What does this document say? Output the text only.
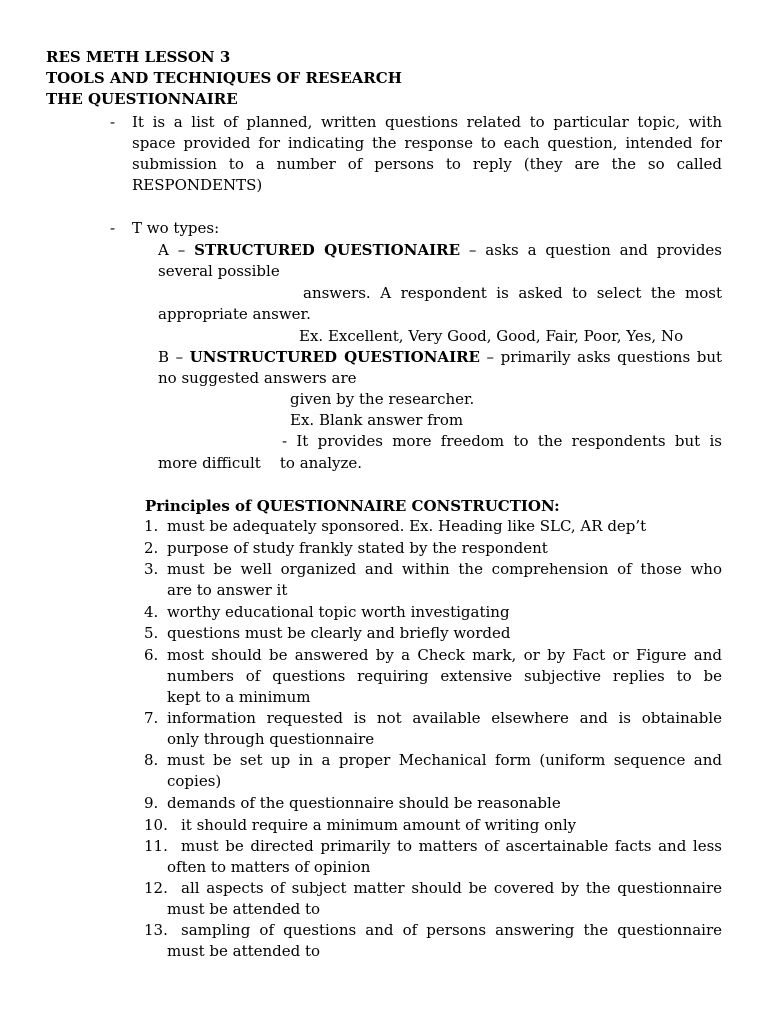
RES METH LESSON 3
TOOLS AND TECHNIQUES OF RESEARCH
THE QUESTIONNAIRE
- It is a list of planned, written questions related to particular topic, with
space provided for indicating the response to each question, intended for
submission to a number of persons to reply (they are the so called
RESPONDENTS)
- T wo types:
A – STRUCTURED QUESTIONAIRE – asks a question and provides
several possible
answers. A respondent is asked to select the most
appropriate answer.
Ex. Excellent, Very Good, Good, Fair, Poor, Yes, No
B – UNSTRUCTURED QUESTIONAIRE – primarily asks questions but
no suggested answers are
given by the researcher.
Ex. Blank answer from
- It provides more freedom to the respondents but is
more difficult    to analyze.
Principles of QUESTIONNAIRE CONSTRUCTION:
1. must be adequately sponsored. Ex. Heading like SLC, AR dep’t
2. purpose of study frankly stated by the respondent
3. must be well organized and within the comprehension of those who
are to answer it
4. worthy educational topic worth investigating
5. questions must be clearly and briefly worded
6. most should be answered by a Check mark, or by Fact or Figure and
numbers of questions requiring extensive subjective replies to be
kept to a minimum
7. information requested is not available elsewhere and is obtainable
only through questionnaire
8. must be set up in a proper Mechanical form (uniform sequence and
copies)
9. demands of the questionnaire should be reasonable
10. it should require a minimum amount of writing only
11. must be directed primarily to matters of ascertainable facts and less
often to matters of opinion
12. all aspects of subject matter should be covered by the questionnaire
must be attended to
13. sampling of questions and of persons answering the questionnaire
must be attended to
